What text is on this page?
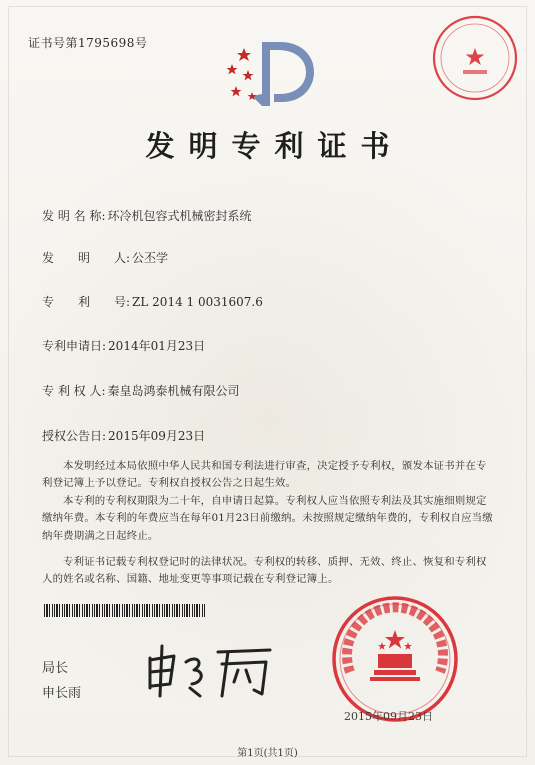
证书号第1795698号
发明专利证书
发 明 名 称: 环冷机包容式机械密封系统
发　　明　　人: 公丕学
专　　利　　号: ZL 2014 1 0031607.6
专利申请日: 2014年01月23日
专 利 权 人: 秦皇岛鸿泰机械有限公司
授权公告日: 2015年09月23日

本发明经过本局依照中华人民共和国专利法进行审查，决定授予专利权，颁发本证书并在专利登记簿上予以登记。专利权自授权公告之日起生效。

本专利的专利权期限为二十年，自申请日起算。专利权人应当依照专利法及其实施细则规定缴纳年费。本专利的年费应当在每年01月23日前缴纳。未按照规定缴纳年费的，专利权自应当缴纳年费期满之日起终止。

专利证书记载专利权登记时的法律状况。专利权的转移、质押、无效、终止、恢复和专利权人的姓名或名称、国籍、地址变更等事项记载在专利登记簿上。

局长
申长雨
2015年09月23日
第1页(共1页)
